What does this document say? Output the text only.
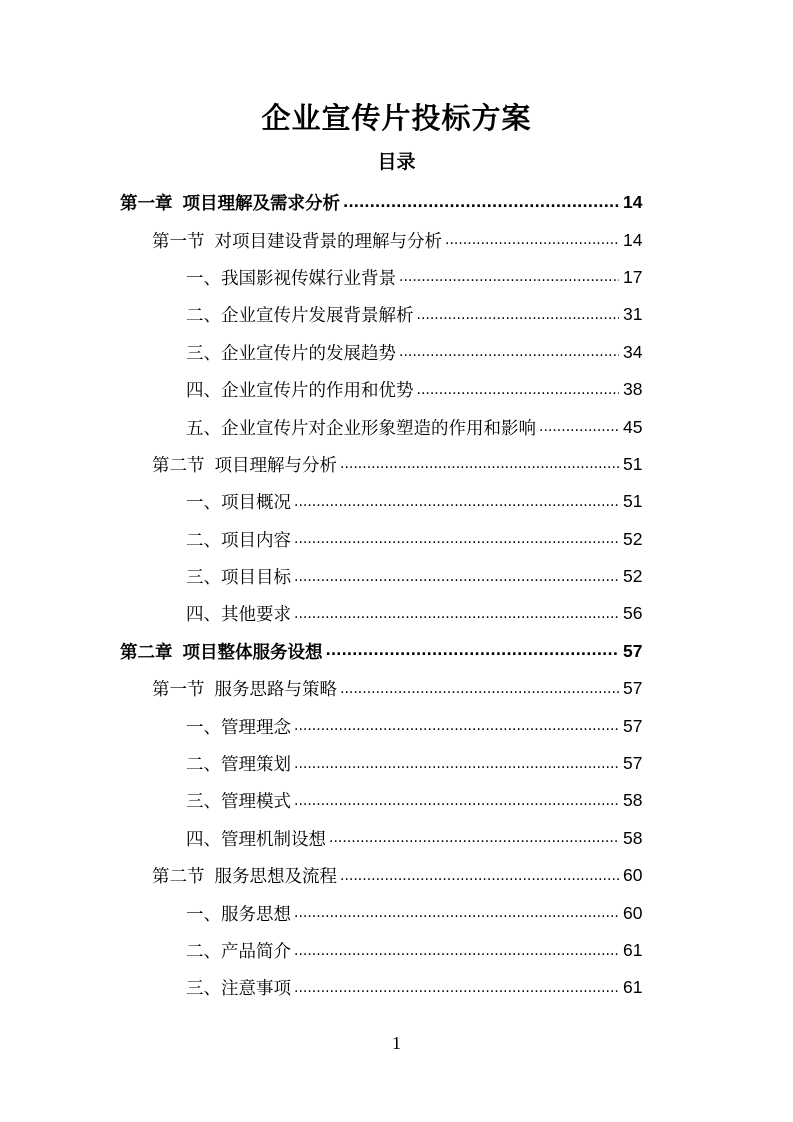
企业宣传片投标方案
目录
第一章 项目理解及需求分析 .....	14
第一节 对项目建设背景的理解与分析 .....	14
一、 我国影视传媒行业背景 .....	17
二、 企业宣传片发展背景解析 .....	31
三、 企业宣传片的发展趋势 .....	34
四、 企业宣传片的作用和优势 .....	38
五、 企业宣传片对企业形象塑造的作用和影响 .....	45
第二节 项目理解与分析 .....	51
一、 项目概况 .....	51
二、 项目内容 .....	52
三、 项目目标 .....	52
四、 其他要求 .....	56
第二章 项目整体服务设想 .....	57
第一节 服务思路与策略 .....	57
一、 管理理念 .....	57
二、 管理策划 .....	57
三、 管理模式 .....	58
四、 管理机制设想 .....	58
第二节 服务思想及流程 .....	60
一、 服务思想 .....	60
二、 产品简介 .....	61
三、 注意事项 .....	61
1
